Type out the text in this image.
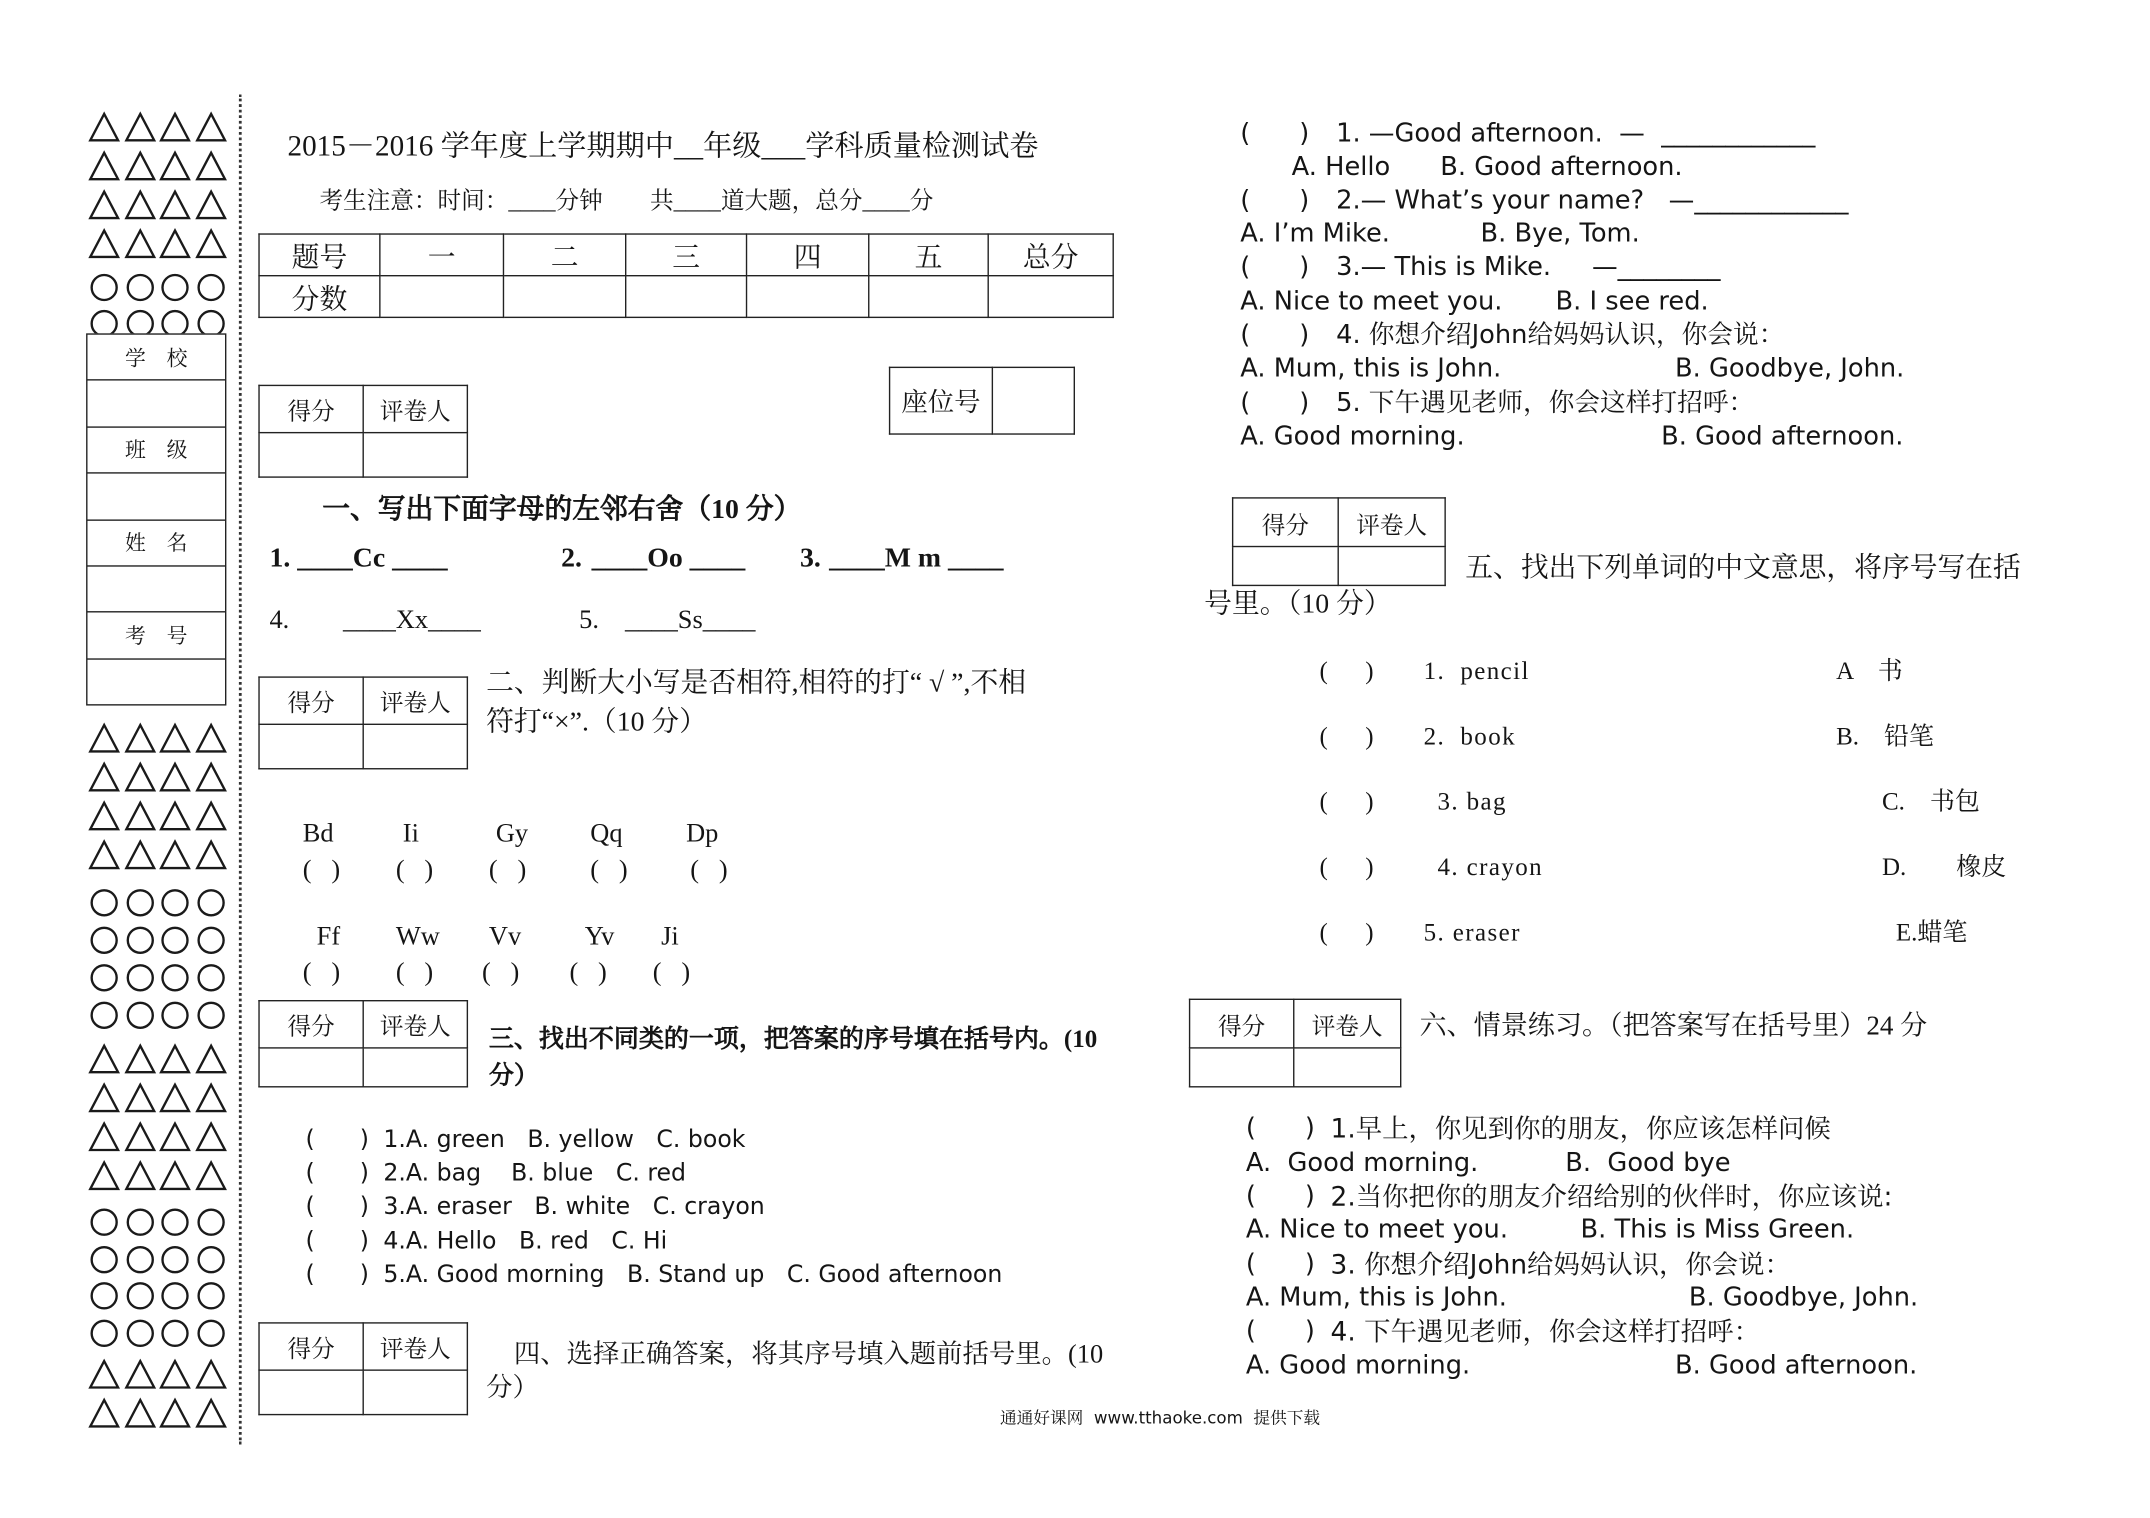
学　校
班　级
姓　名
考　号
2015－2016 学年度上学期期中__年级___学科质量检测试卷
考生注意：时间：____分钟　　共____道大题，总分____分
题号	一	二	三	四	五	总分
分数						
座位号	
得分	评卷人

一、写出下面字母的左邻右舍（10 分）
1. ____Cc ____	2. ____Oo ____	3. ____M m ____
4.	____Xx____	5. ____Ss____
得分	评卷人

二、判断大小写是否相符,相符的打“ √ ”,不相
符打“×”.（10 分）
Bd	Ii	Gy	Qq	Dp
(   )	(   )	(   )	(   )	(   )
Ff	Ww	Vv	Yv Ji
(   )	(   )	(   )	(   ) (   )
得分	评卷人
	三、找出不同类的一项，把答案的序号填在括号内。(10
分）
(      ) 1.A. green   B. yellow   C. book
(      ) 2.A. bag    B. blue   C. red
(      ) 3.A. eraser   B. white   C. crayon
(      ) 4.A. Hello   B. red   C. Hi
(      ) 5.A. Good morning   B. Stand up   C. Good afternoon
得分	评卷人
		四、选择正确答案，将其序号填入题前括号里。(10
分）
通通好课网  www.tthaoke.com  提供下载
(      ) 1. —Good afternoon.  —  ____________
A. Hello	B. Good afternoon.
(      ) 2.— What’s your name?   —____________
A. I’m Mike.	B. Bye, Tom.
(      ) 3.— This is Mike.     —________
A. Nice to meet you.	B. I see red.
(      ) 4. 你想介绍John给妈妈认识，你会说：
A. Mum, this is John.	B. Goodbye, John.
(      ) 5. 下午遇见老师，你会这样打招呼：
A. Good morning.	B. Good afternoon.
得分	评卷人

五、找出下列单词的中文意思，将序号写在括
号里。（10 分）
(      )	1.  pencil	A　书
(      )	2.  book	B.　铅笔
(      )	3. bag	C.　书包
(      )	4. crayon	D.　　橡皮
(      )	5. eraser	E.蜡笔
得分	评卷人
	六、情景练习。（把答案写在括号里）24 分
(      ) 1.早上，你见到你的朋友，你应该怎样问候
A.  Good morning.	B.  Good bye
(      ) 2.当你把你的朋友介绍给别的伙伴时，你应该说:
A. Nice to meet you.	B. This is Miss Green.
(      ) 3. 你想介绍John给妈妈认识，你会说：
A. Mum, this is John.	B. Goodbye, John.
(      ) 4. 下午遇见老师，你会这样打招呼：
A. Good morning.	B. Good afternoon.
